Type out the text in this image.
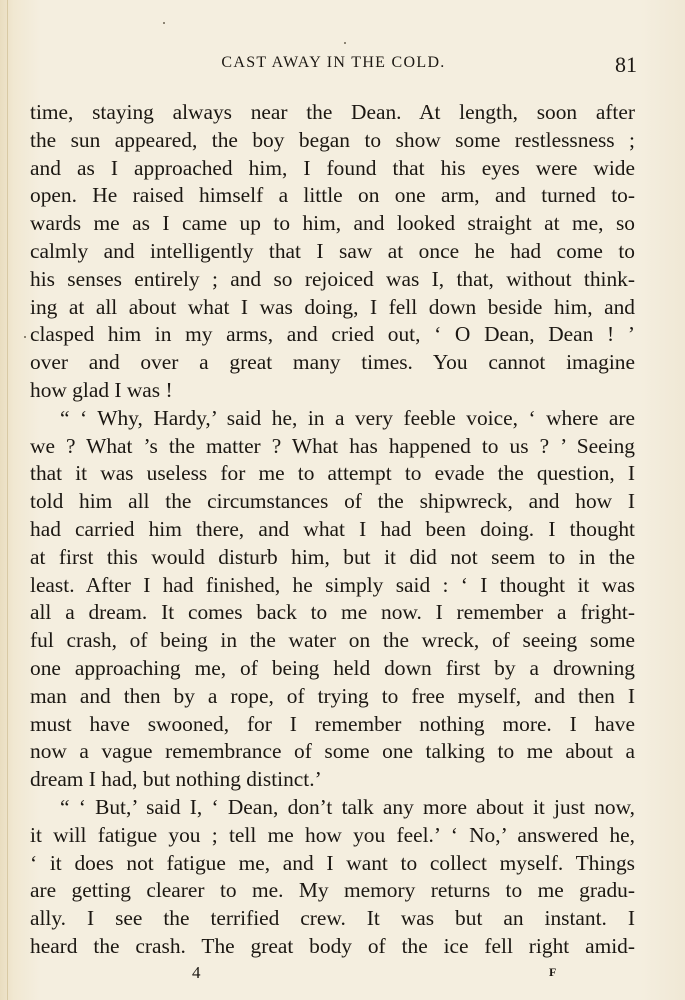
CAST AWAY IN THE COLD.	81
time, staying always near the Dean. At length, soon after
the sun appeared, the boy began to show some restlessness ;
and as I approached him, I found that his eyes were wide
open. He raised himself a little on one arm, and turned to-
wards me as I came up to him, and looked straight at me, so
calmly and intelligently that I saw at once he had come to
his senses entirely ; and so rejoiced was I, that, without think-
ing at all about what I was doing, I fell down beside him, and
clasped him in my arms, and cried out, ‘ O Dean, Dean ! ’
over and over a great many times. You cannot imagine
how glad I was !
“ ‘ Why, Hardy,’ said he, in a very feeble voice, ‘ where are
we ? What ’s the matter ? What has happened to us ? ’ Seeing
that it was useless for me to attempt to evade the question, I
told him all the circumstances of the shipwreck, and how I
had carried him there, and what I had been doing. I thought
at first this would disturb him, but it did not seem to in the
least. After I had finished, he simply said : ‘ I thought it was
all a dream. It comes back to me now. I remember a fright-
ful crash, of being in the water on the wreck, of seeing some
one approaching me, of being held down first by a drowning
man and then by a rope, of trying to free myself, and then I
must have swooned, for I remember nothing more. I have
now a vague remembrance of some one talking to me about a
dream I had, but nothing distinct.’
“ ‘ But,’ said I, ‘ Dean, don’t talk any more about it just now,
it will fatigue you ; tell me how you feel.’ ‘ No,’ answered he,
‘ it does not fatigue me, and I want to collect myself. Things
are getting clearer to me. My memory returns to me gradu-
ally. I see the terrified crew. It was but an instant. I
heard the crash. The great body of the ice fell right amid-
4	F
